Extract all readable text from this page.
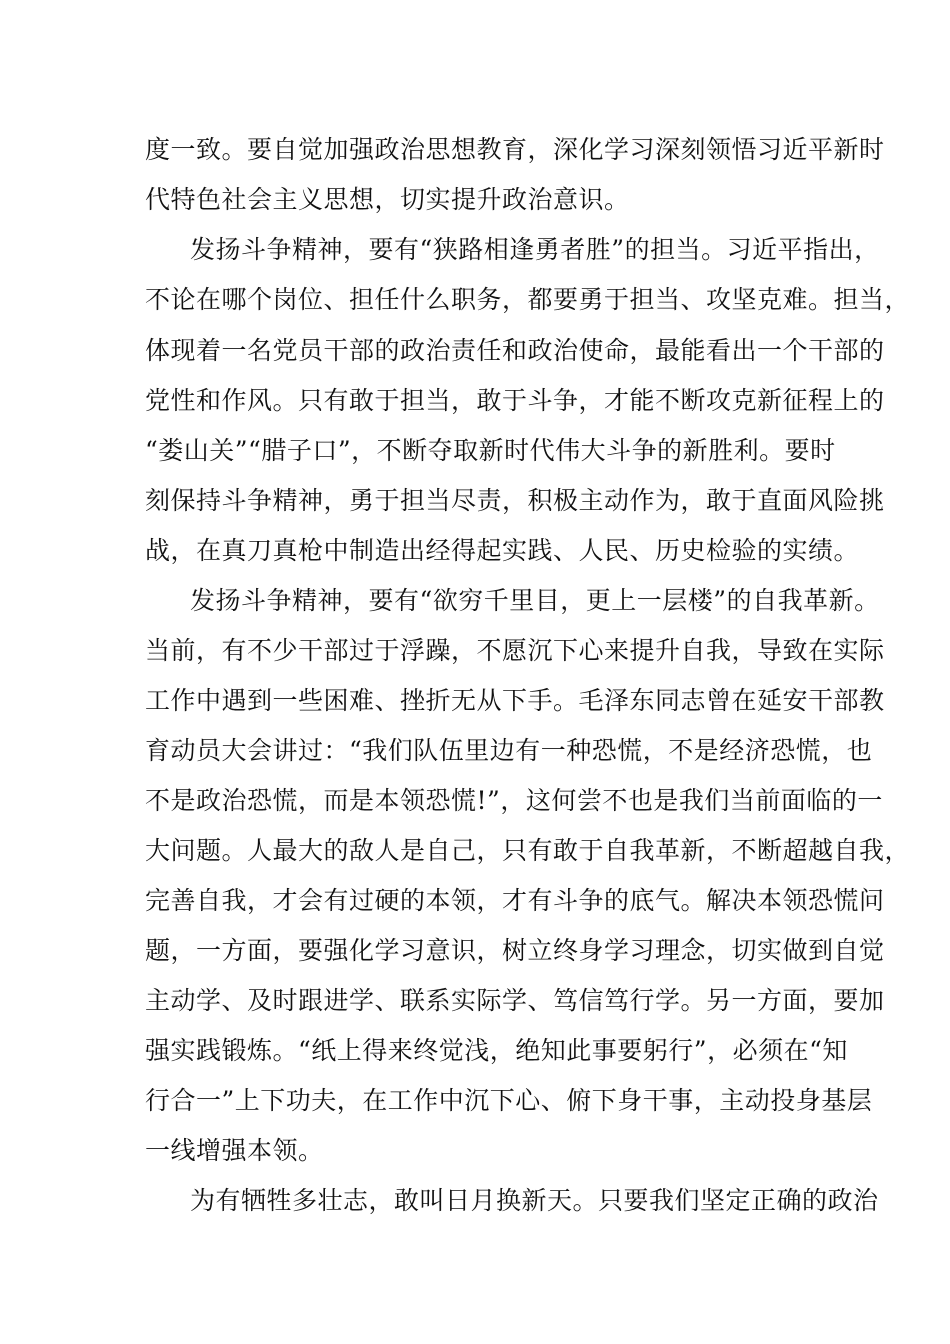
度一致。要自觉加强政治思想教育，深化学习深刻领悟习近平新时
代特色社会主义思想，切实提升政治意识。
发扬斗争精神，要有“狭路相逢勇者胜”的担当。习近平指出，
不论在哪个岗位、担任什么职务，都要勇于担当、攻坚克难。担当，
体现着一名党员干部的政治责任和政治使命，最能看出一个干部的
党性和作风。只有敢于担当，敢于斗争，才能不断攻克新征程上的
“娄山关”“腊子口”，不断夺取新时代伟大斗争的新胜利。要时
刻保持斗争精神，勇于担当尽责，积极主动作为，敢于直面风险挑
战，在真刀真枪中制造出经得起实践、人民、历史检验的实绩。
发扬斗争精神，要有“欲穷千里目，更上一层楼”的自我革新。
当前，有不少干部过于浮躁，不愿沉下心来提升自我，导致在实际
工作中遇到一些困难、挫折无从下手。毛泽东同志曾在延安干部教
育动员大会讲过：“我们队伍里边有一种恐慌，不是经济恐慌，也
不是政治恐慌，而是本领恐慌!”，这何尝不也是我们当前面临的一
大问题。人最大的敌人是自己，只有敢于自我革新，不断超越自我，
完善自我，才会有过硬的本领，才有斗争的底气。解决本领恐慌问
题，一方面，要强化学习意识，树立终身学习理念，切实做到自觉
主动学、及时跟进学、联系实际学、笃信笃行学。另一方面，要加
强实践锻炼。“纸上得来终觉浅，绝知此事要躬行”，必须在“知
行合一”上下功夫，在工作中沉下心、俯下身干事，主动投身基层
一线增强本领。
为有牺牲多壮志，敢叫日月换新天。只要我们坚定正确的政治
